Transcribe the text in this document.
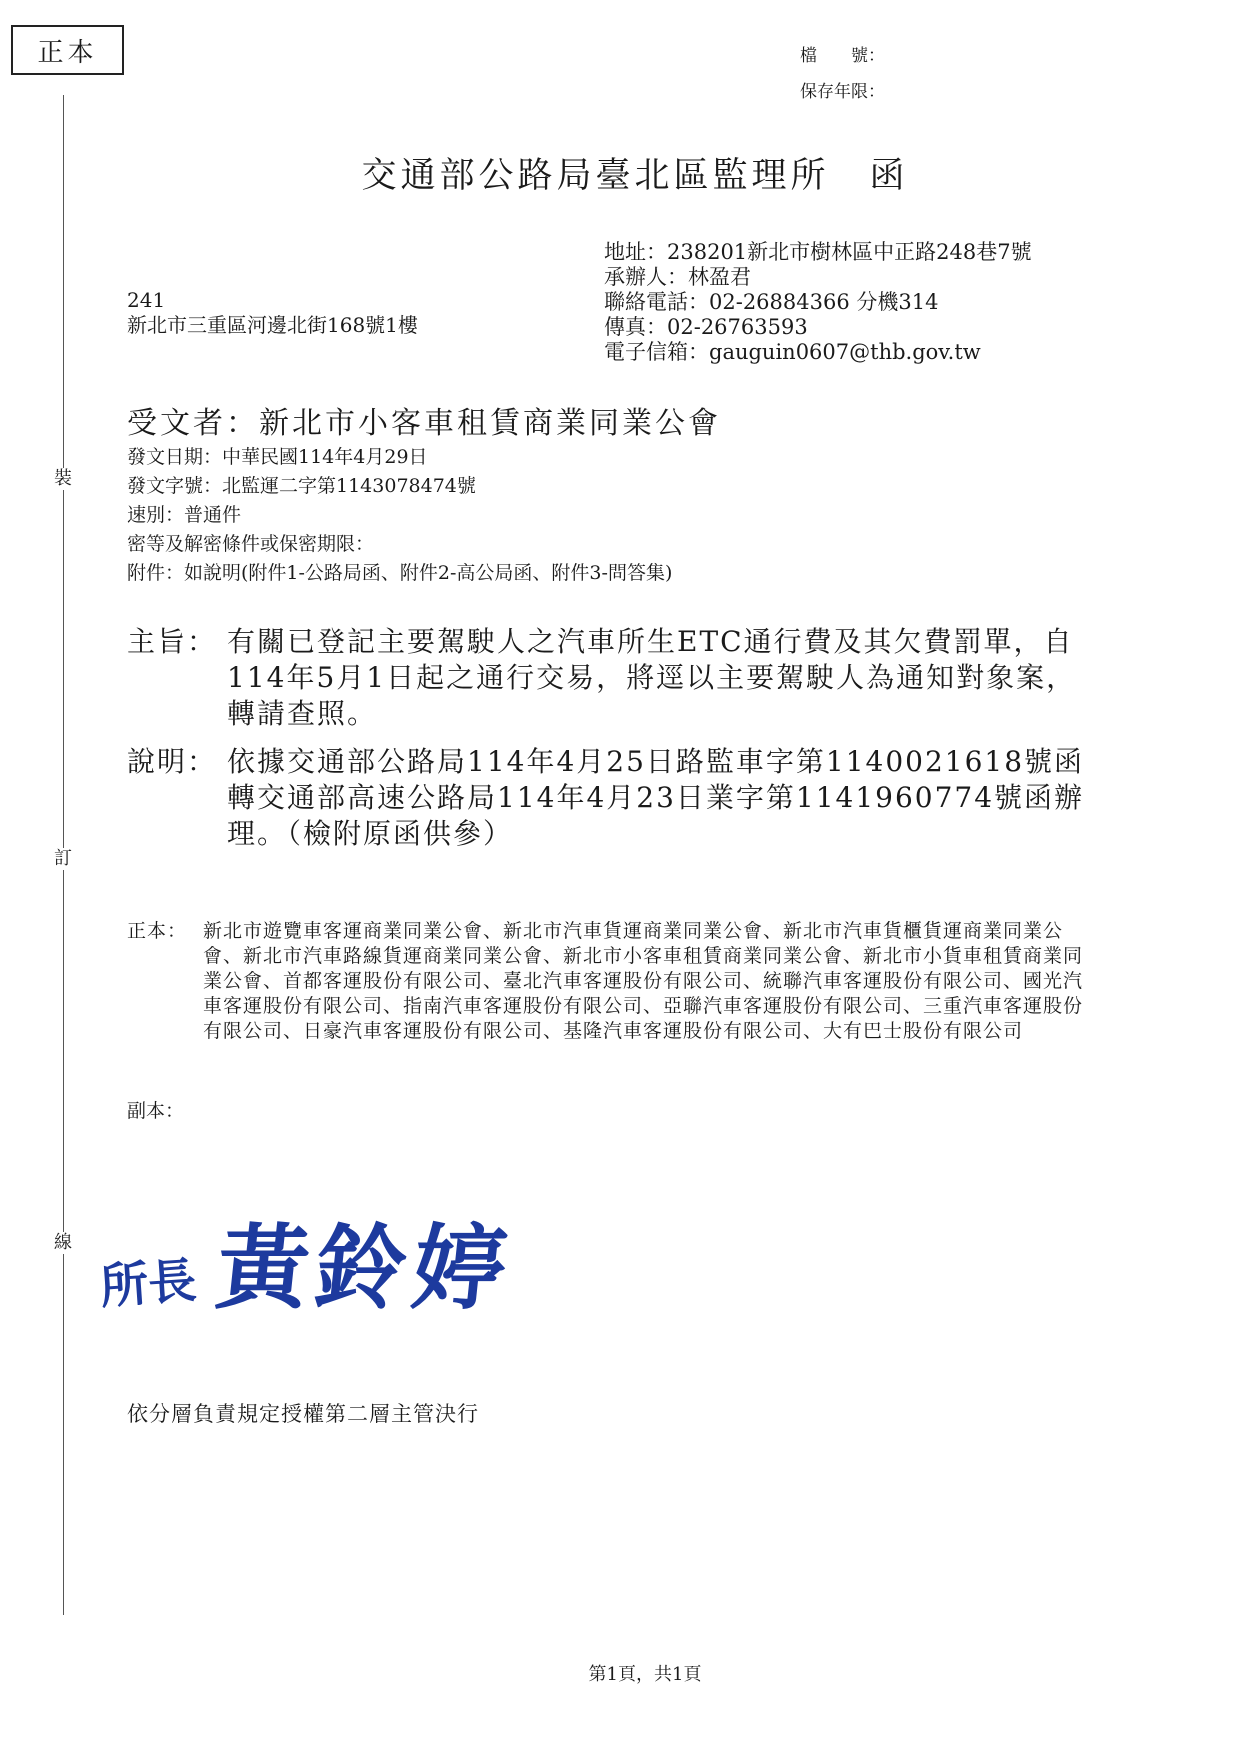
正本	檔　　號：
保存年限：
裝
訂
線
交通部公路局臺北區監理所 函
地址：238201新北市樹林區中正路248巷7號
承辦人：林盈君
聯絡電話：02-26884366 分機314
傳真：02-26763593
電子信箱：gauguin0607@thb.gov.tw
241
新北市三重區河邊北街168號1樓
受文者：新北市小客車租賃商業同業公會
發文日期：中華民國114年4月29日
發文字號：北監運二字第1143078474號
速別：普通件
密等及解密條件或保密期限：
附件：如說明(附件1-公路局函、附件2-高公局函、附件3-問答集)
主旨： 有關已登記主要駕駛人之汽車所生ETC通行費及其欠費罰單，自114年5月1日起之通行交易，將逕以主要駕駛人為通知對象案，轉請查照。
說明： 依據交通部公路局114年4月25日路監車字第1140021618號函轉交通部高速公路局114年4月23日業字第1141960774號函辦理。（檢附原函供參）
正本： 新北市遊覽車客運商業同業公會、新北市汽車貨運商業同業公會、新北市汽車貨櫃貨運商業同業公會、新北市汽車路線貨運商業同業公會、新北市小客車租賃商業同業公會、新北市小貨車租賃商業同業公會、首都客運股份有限公司、臺北汽車客運股份有限公司、統聯汽車客運股份有限公司、國光汽車客運股份有限公司、指南汽車客運股份有限公司、亞聯汽車客運股份有限公司、三重汽車客運股份有限公司、日豪汽車客運股份有限公司、基隆汽車客運股份有限公司、大有巴士股份有限公司
副本：
所長 黃鈴婷
依分層負責規定授權第二層主管決行
第1頁，共1頁
